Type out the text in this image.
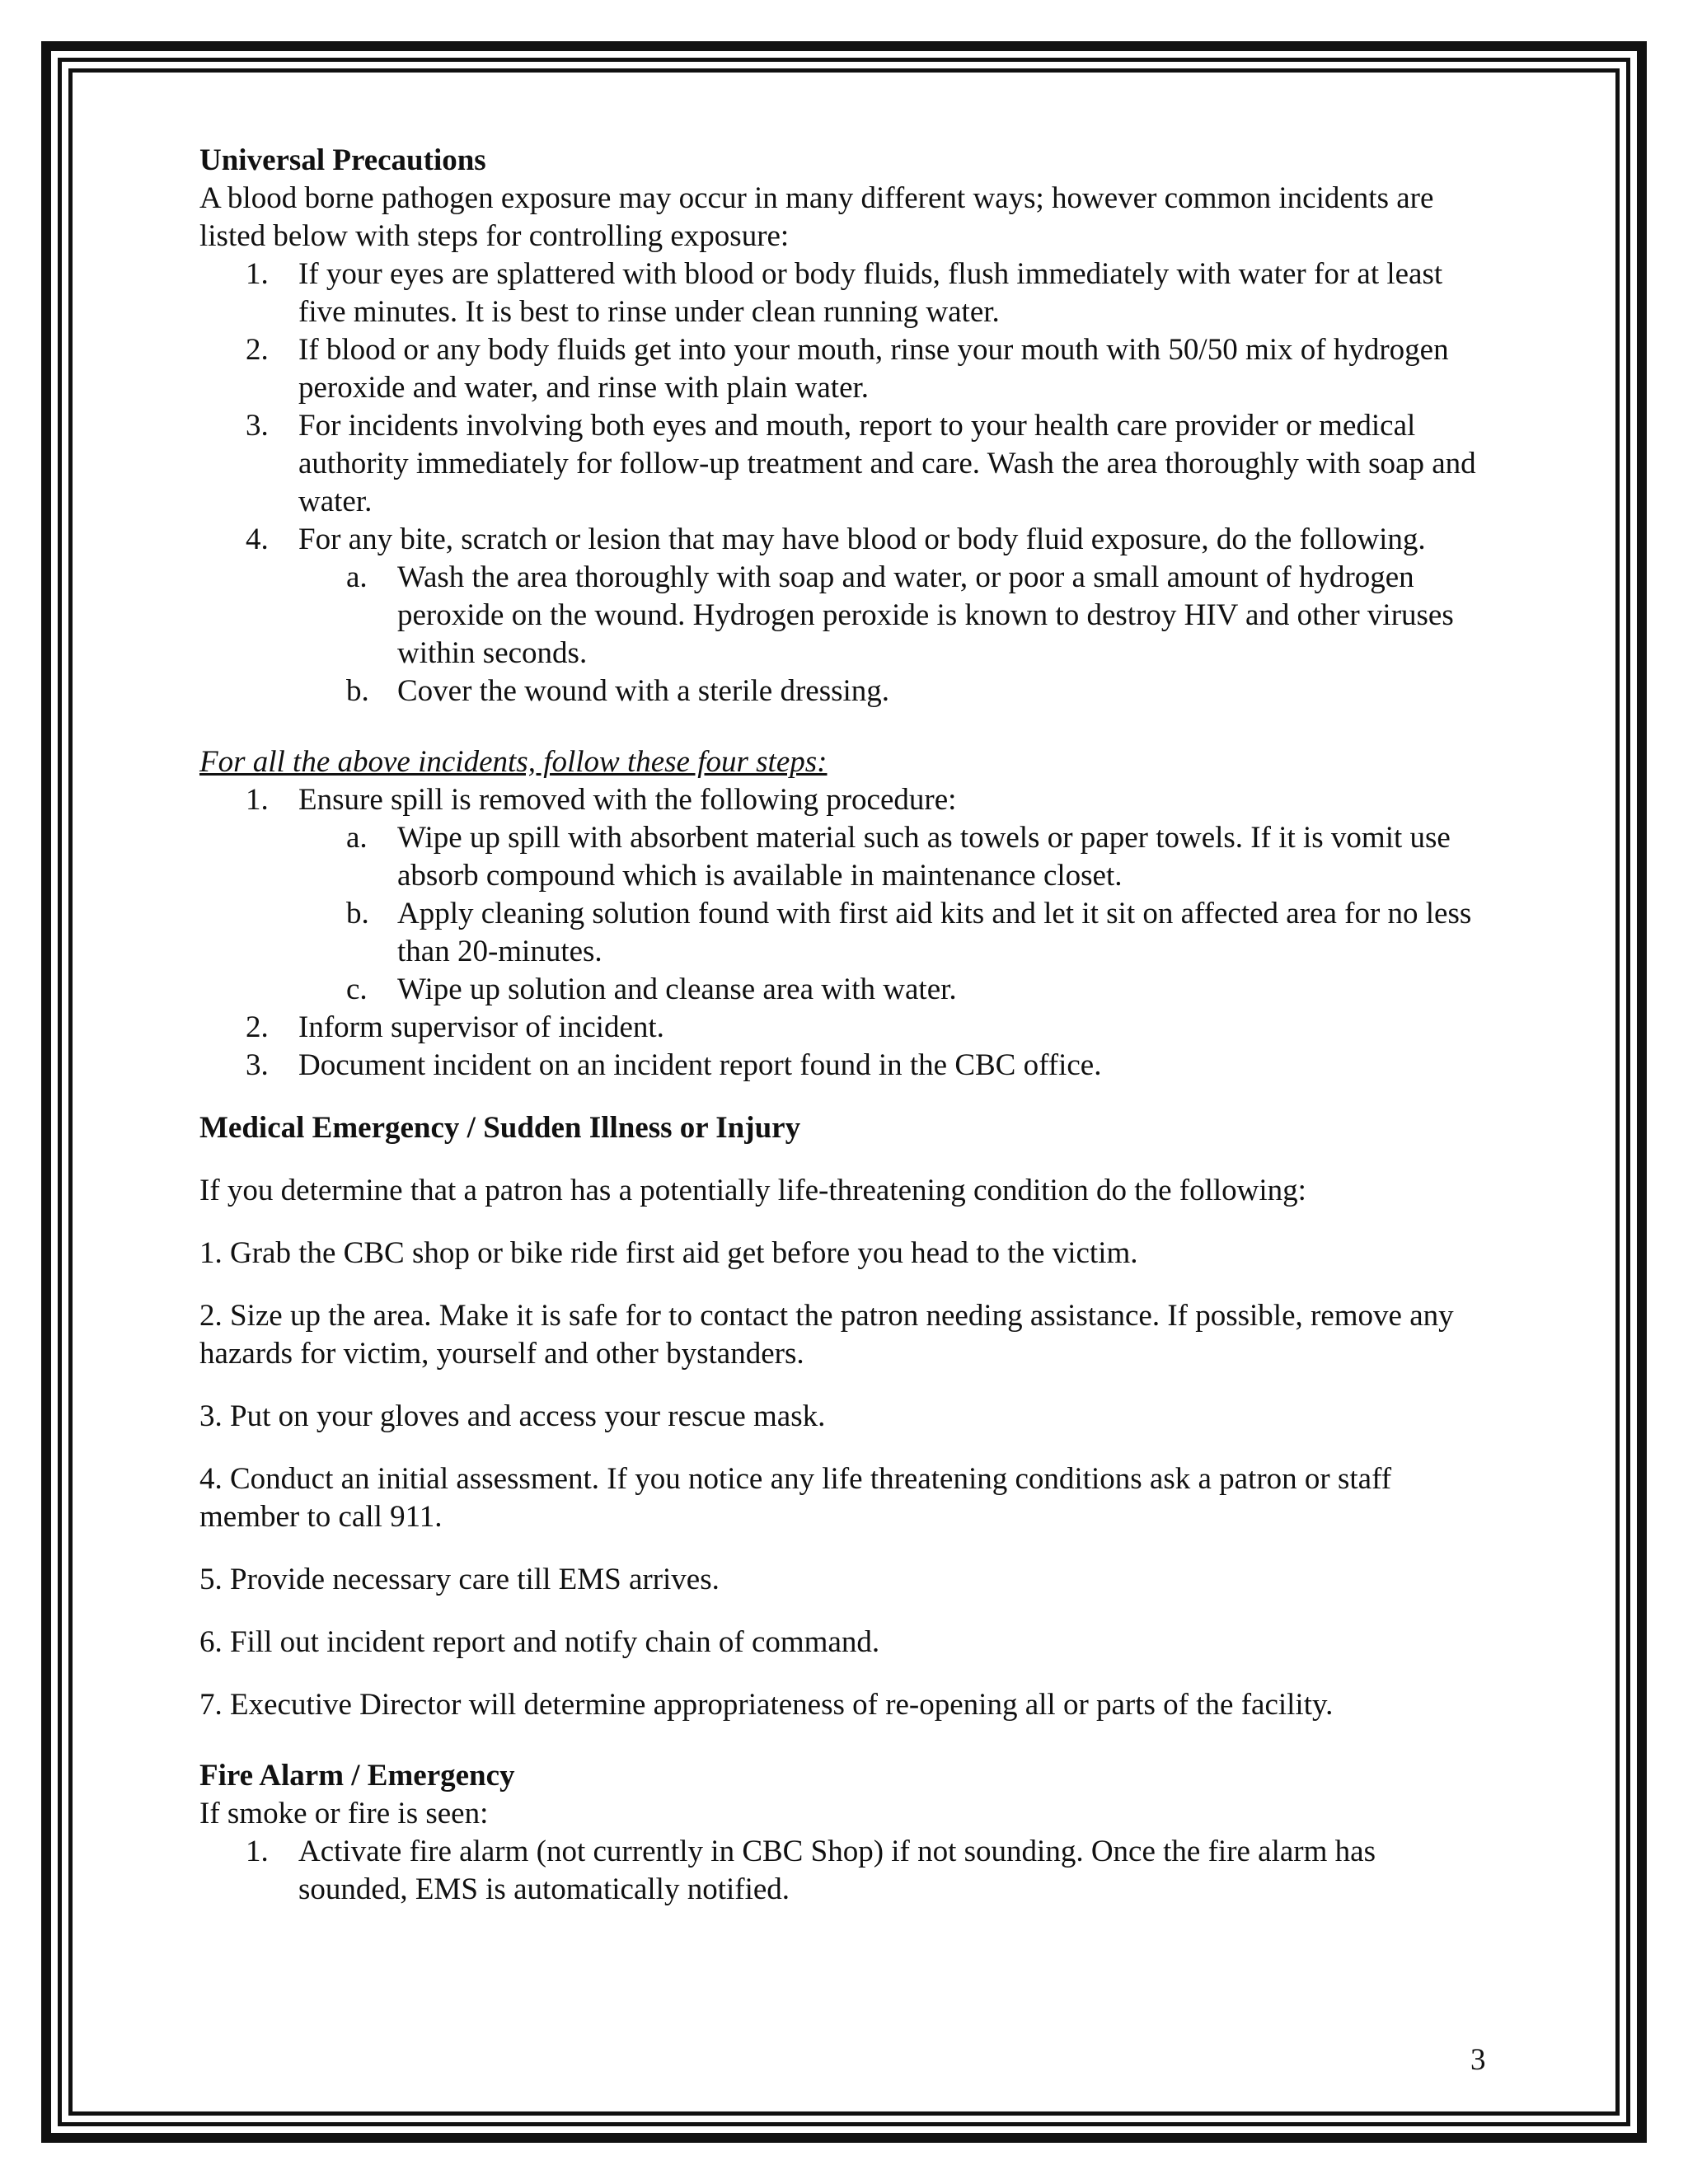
Universal Precautions

A blood borne pathogen exposure may occur in many different ways; however common incidents are listed below with steps for controlling exposure:

1. If your eyes are splattered with blood or body fluids, flush immediately with water for at least five minutes. It is best to rinse under clean running water.
2. If blood or any body fluids get into your mouth, rinse your mouth with 50/50 mix of hydrogen peroxide and water, and rinse with plain water.
3. For incidents involving both eyes and mouth, report to your health care provider or medical authority immediately for follow-up treatment and care. Wash the area thoroughly with soap and water.
4. For any bite, scratch or lesion that may have blood or body fluid exposure, do the following.
a. Wash the area thoroughly with soap and water, or poor a small amount of hydrogen peroxide on the wound. Hydrogen peroxide is known to destroy HIV and other viruses within seconds.
b. Cover the wound with a sterile dressing.

For all the above incidents, follow these four steps:

1. Ensure spill is removed with the following procedure:
a. Wipe up spill with absorbent material such as towels or paper towels. If it is vomit use absorb compound which is available in maintenance closet.
b. Apply cleaning solution found with first aid kits and let it sit on affected area for no less than 20-minutes.
c. Wipe up solution and cleanse area with water.
2. Inform supervisor of incident.
3. Document incident on an incident report found in the CBC office.

Medical Emergency / Sudden Illness or Injury

If you determine that a patron has a potentially life-threatening condition do the following:

1. Grab the CBC shop or bike ride first aid get before you head to the victim.

2. Size up the area. Make it is safe for to contact the patron needing assistance. If possible, remove any hazards for victim, yourself and other bystanders.

3. Put on your gloves and access your rescue mask.

4. Conduct an initial assessment. If you notice any life threatening conditions ask a patron or staff member to call 911.

5. Provide necessary care till EMS arrives.

6. Fill out incident report and notify chain of command.

7. Executive Director will determine appropriateness of re-opening all or parts of the facility.

Fire Alarm / Emergency

If smoke or fire is seen:

1. Activate fire alarm (not currently in CBC Shop) if not sounding. Once the fire alarm has sounded, EMS is automatically notified.
3
